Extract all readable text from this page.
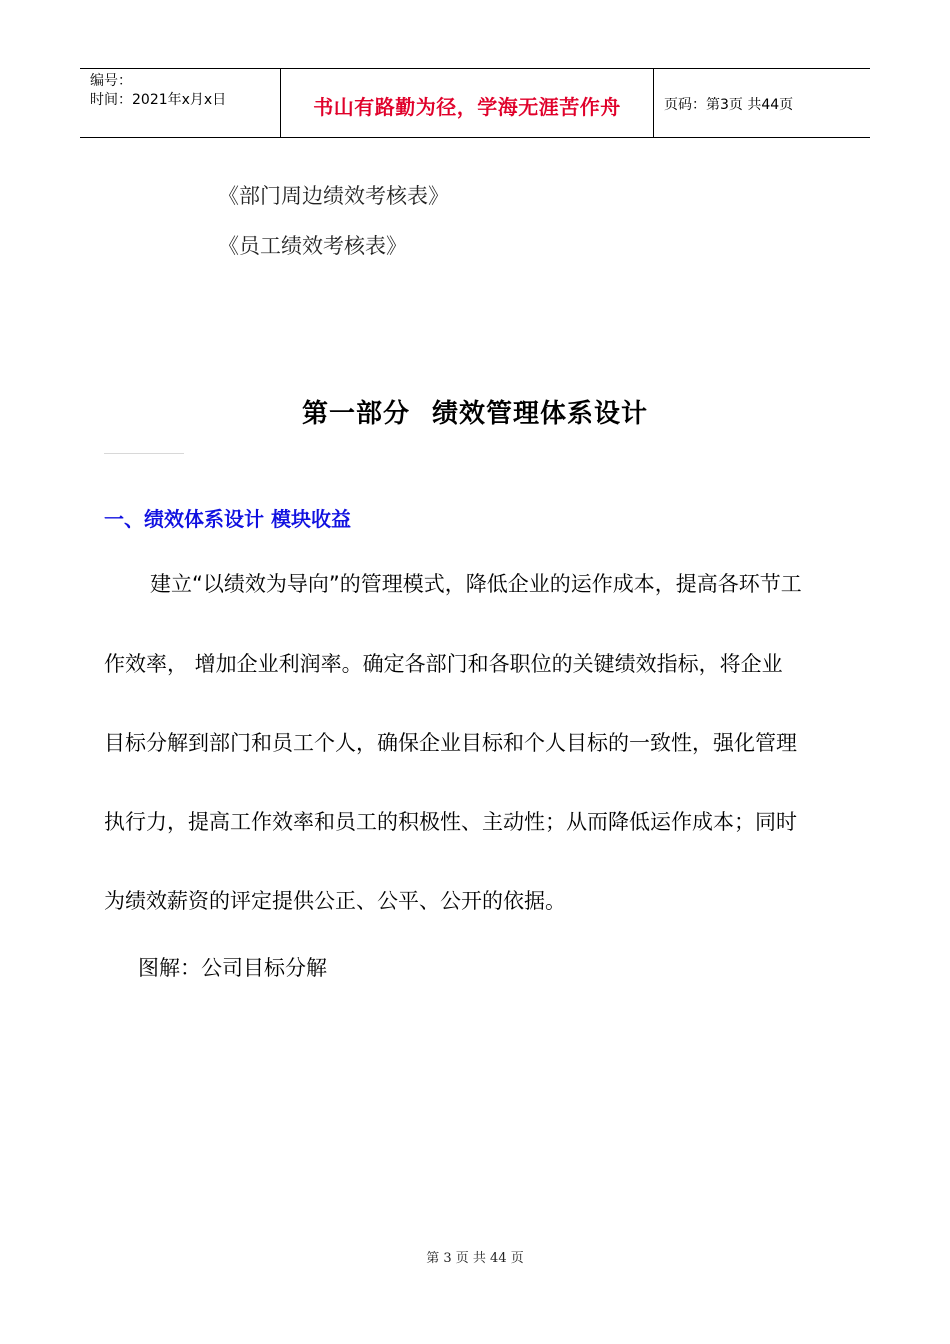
编号：
时间：2021年x月x日	书山有路勤为径，学海无涯苦作舟	页码：第3页 共44页
《部门周边绩效考核表》
《员工绩效考核表》
第一部分 绩效管理体系设计
一、绩效体系设计 模块收益
建立“以绩效为导向”的管理模式，降低企业的运作成本，提高各环节工
作效率， 增加企业利润率。确定各部门和各职位的关键绩效指标，将企业
目标分解到部门和员工个人，确保企业目标和个人目标的一致性，强化管理
执行力，提高工作效率和员工的积极性、主动性；从而降低运作成本；同时
为绩效薪资的评定提供公正、公平、公开的依据。
图解：公司目标分解
第 3 页 共 44 页
